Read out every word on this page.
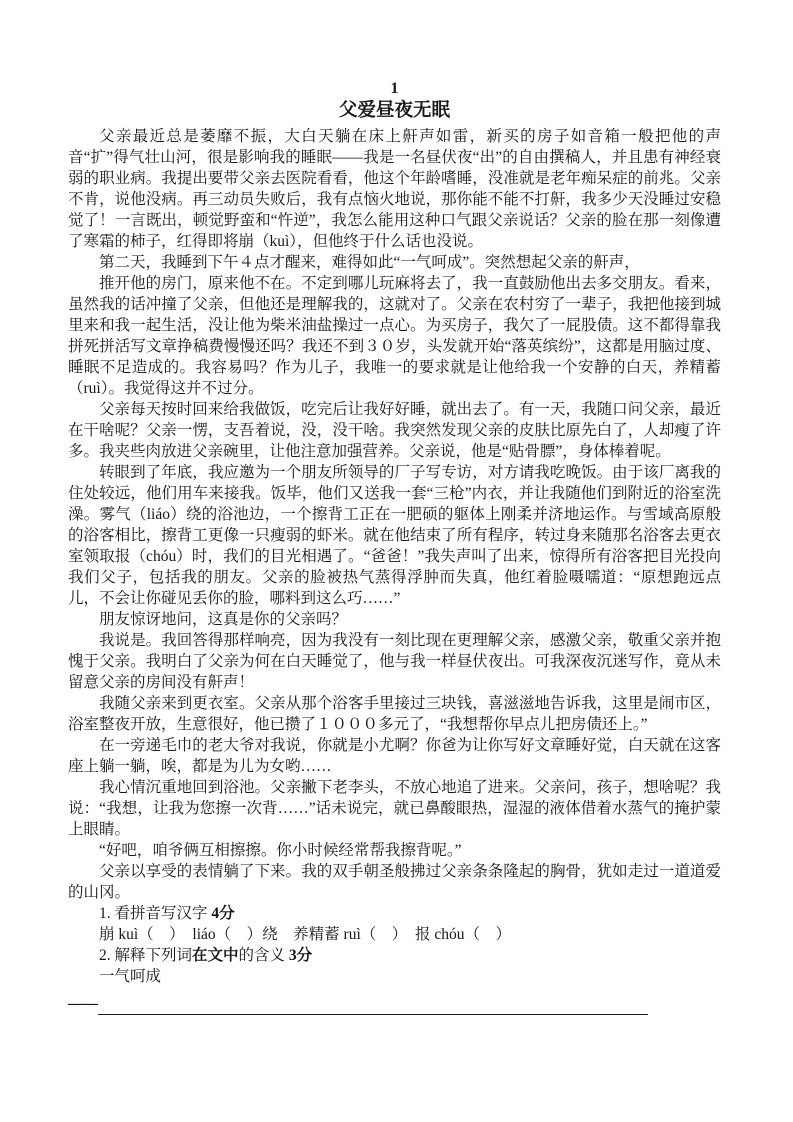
1
父爱昼夜无眠

父亲最近总是萎靡不振，大白天躺在床上鼾声如雷，新买的房子如音箱一般把他的声音“扩”得气壮山河，很是影响我的睡眠——我是一名昼伏夜“出”的自由撰稿人，并且患有神经衰弱的职业病。我提出要带父亲去医院看看，他这个年龄嗜睡，没准就是老年痴呆症的前兆。父亲不肯，说他没病。再三动员失败后，我有点恼火地说，那你能不能不打鼾，我多少天没睡过安稳觉了！一言既出，顿觉野蛮和“忤逆”，我怎么能用这种口气跟父亲说话？父亲的脸在那一刻像遭了寒霜的柿子，红得即将崩（kuì），但他终于什么话也没说。

第二天，我睡到下午４点才醒来，难得如此“一气呵成”。突然想起父亲的鼾声，

推开他的房门，原来他不在。不定到哪儿玩麻将去了，我一直鼓励他出去多交朋友。看来，虽然我的话冲撞了父亲，但他还是理解我的，这就对了。父亲在农村穷了一辈子，我把他接到城里来和我一起生活，没让他为柴米油盐操过一点心。为买房子，我欠了一屁股债。这不都得靠我拼死拼活写文章挣稿费慢慢还吗？我还不到３０岁，头发就开始“落英缤纷”，这都是用脑过度、睡眠不足造成的。我容易吗？作为儿子，我唯一的要求就是让他给我一个安静的白天，养精蓄（ruì）。我觉得这并不过分。

父亲每天按时回来给我做饭，吃完后让我好好睡，就出去了。有一天，我随口问父亲，最近在干啥呢？父亲一愣，支吾着说，没，没干啥。我突然发现父亲的皮肤比原先白了，人却瘦了许多。我夹些肉放进父亲碗里，让他注意加强营养。父亲说，他是“贴骨膘”，身体棒着呢。

转眼到了年底，我应邀为一个朋友所领导的厂子写专访，对方请我吃晚饭。由于该厂离我的住处较远，他们用车来接我。饭毕，他们又送我一套“三枪”内衣，并让我随他们到附近的浴室洗澡。雾气（liáo）绕的浴池边，一个擦背工正在一肥硕的躯体上刚柔并济地运作。与雪域高原般的浴客相比，擦背工更像一只瘦弱的虾米。就在他结束了所有程序，转过身来随那名浴客去更衣室领取报（chóu）时，我们的目光相遇了。“爸爸！”我失声叫了出来，惊得所有浴客把目光投向我们父子，包括我的朋友。父亲的脸被热气蒸得浮肿而失真，他红着脸嗫嚅道：“原想跑远点儿，不会让你碰见丢你的脸，哪料到这么巧……”

朋友惊讶地问，这真是你的父亲吗？

我说是。我回答得那样响亮，因为我没有一刻比现在更理解父亲，感激父亲，敬重父亲并抱愧于父亲。我明白了父亲为何在白天睡觉了，他与我一样昼伏夜出。可我深夜沉迷写作，竟从未留意父亲的房间没有鼾声！

我随父亲来到更衣室。父亲从那个浴客手里接过三块钱，喜滋滋地告诉我，这里是闹市区，浴室整夜开放，生意很好，他已攒了１０００多元了，“我想帮你早点儿把房债还上。”

在一旁递毛巾的老大爷对我说，你就是小尤啊？你爸为让你写好文章睡好觉，白天就在这客座上躺一躺，唉，都是为儿为女哟……

我心情沉重地回到浴池。父亲撇下老李头，不放心地追了进来。父亲问，孩子，想啥呢？我说：“我想，让我为您擦一次背……”话未说完，就已鼻酸眼热，湿湿的液体借着水蒸气的掩护蒙上眼睛。

“好吧，咱爷俩互相擦擦。你小时候经常帮我擦背呢。”

父亲以享受的表情躺了下来。我的双手朝圣般拂过父亲条条隆起的胸骨，犹如走过一道道爱的山冈。

1. 看拼音写汉字 4分

崩 kuì（　）　liáo（　）绕　养精蓄 ruì（　）　报 chóu（　）

2. 解释下列词在文中的含义 3分

一气呵成

——
